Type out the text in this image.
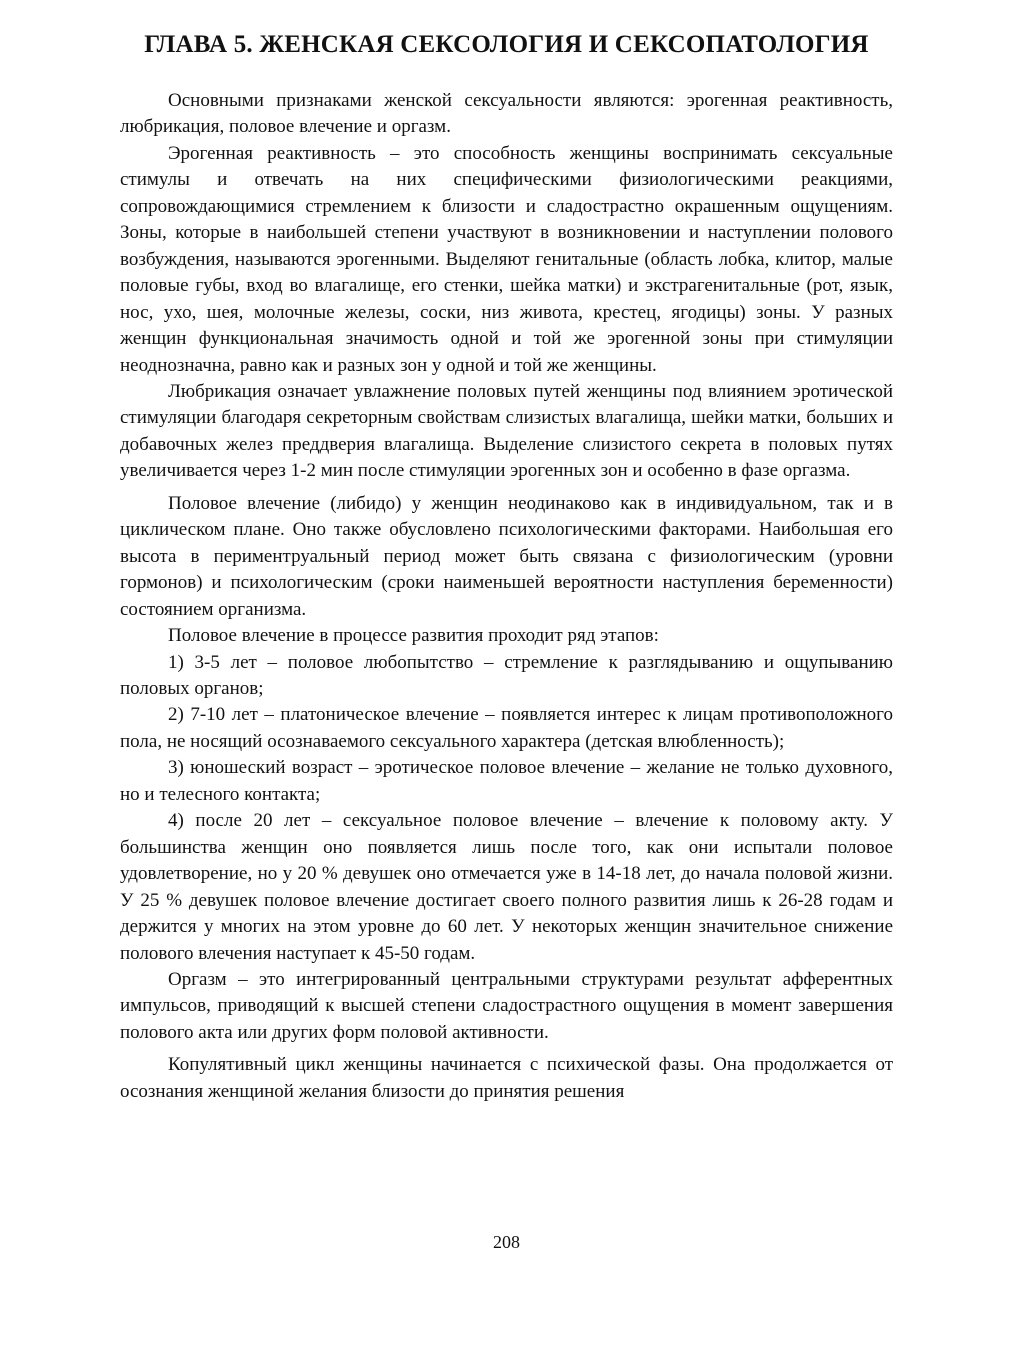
ГЛАВА 5. ЖЕНСКАЯ СЕКСОЛОГИЯ И СЕКСОПАТОЛОГИЯ

Основными признаками женской сексуальности являются: эрогенная реактивность, любрикация, половое влечение и оргазм.

Эрогенная реактивность – это способность женщины воспринимать сексуальные стимулы и отвечать на них специфическими физиологическими реакциями, сопровождающимися стремлением к близости и сладострастно окрашенным ощущениям. Зоны, которые в наибольшей степени участвуют в возникновении и наступлении полового возбуждения, называются эрогенными. Выделяют генитальные (область лобка, клитор, малые половые губы, вход во влагалище, его стенки, шейка матки) и экстрагенитальные (рот, язык, нос, ухо, шея, молочные железы, соски, низ живота, крестец, ягодицы) зоны. У разных женщин функциональная значимость одной и той же эрогенной зоны при стимуляции неоднозначна, равно как и разных зон у одной и той же женщины.

Любрикация означает увлажнение половых путей женщины под влиянием эротической стимуляции благодаря секреторным свойствам слизистых влагалища, шейки матки, больших и добавочных желез преддверия влагалища. Выделение слизистого секрета в половых путях увеличивается через 1-2 мин после стимуляции эрогенных зон и особенно в фазе оргазма.

Половое влечение (либидо) у женщин неодинаково как в индивидуальном, так и в циклическом плане. Оно также обусловлено психологическими факторами. Наибольшая его высота в периментруальный период может быть связана с физиологическим (уровни гормонов) и психологическим (сроки наименьшей вероятности наступления беременности) состоянием организма.

Половое влечение в процессе развития проходит ряд этапов:

1) 3-5 лет – половое любопытство – стремление к разглядыванию и ощупыванию половых органов;

2) 7-10 лет – платоническое влечение – появляется интерес к лицам противоположного пола, не носящий осознаваемого сексуального характера (детская влюбленность);

3) юношеский возраст – эротическое половое влечение – желание не только духовного, но и телесного контакта;

4) после 20 лет – сексуальное половое влечение – влечение к половому акту. У большинства женщин оно появляется лишь после того, как они испытали половое удовлетворение, но у 20 % девушек оно отмечается уже в 14-18 лет, до начала половой жизни. У 25 % девушек половое влечение достигает своего полного развития лишь к 26-28 годам и держится у многих на этом уровне до 60 лет. У некоторых женщин значительное снижение полового влечения наступает к 45-50 годам.

Оргазм – это интегрированный центральными структурами результат афферентных импульсов, приводящий к высшей степени сладострастного ощущения в момент завершения полового акта или других форм половой активности.

Копулятивный цикл женщины начинается с психической фазы. Она продолжается от осознания женщиной желания близости до принятия решения

208
